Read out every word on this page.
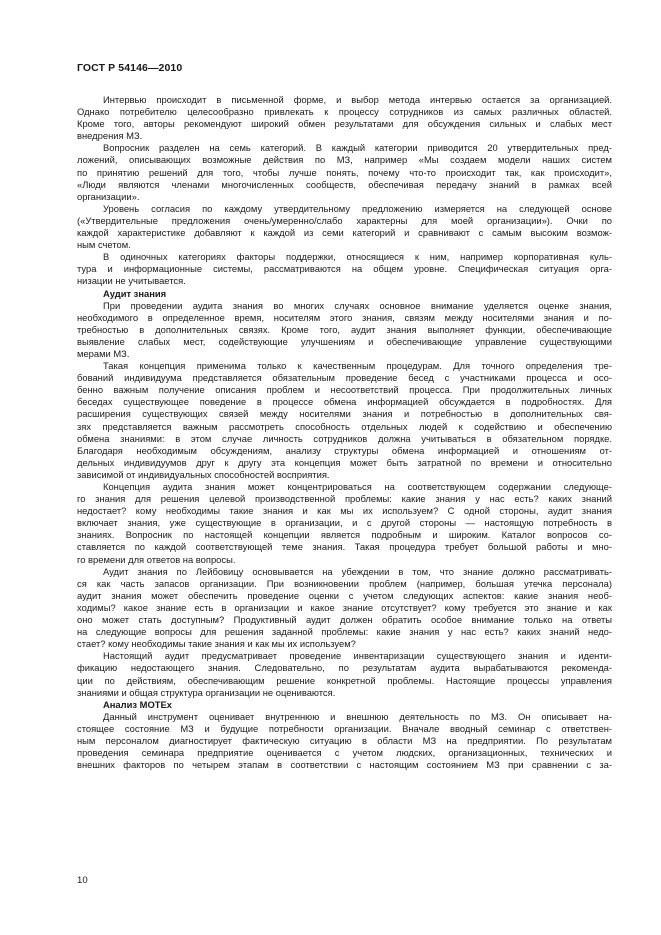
ГОСТ Р 54146—2010
Интервью происходит в письменной форме, и выбор метода интервью остается за организацией.
Однако потребителю целесообразно привлекать к процессу сотрудников из самых различных областей.
Кроме того, авторы рекомендуют широкий обмен результатами для обсуждения сильных и слабых мест
внедрения МЗ.
Вопросник разделен на семь категорий. В каждый категории приводится 20 утвердительных пред-
ложений, описывающих возможные действия по МЗ, например «Мы создаем модели наших систем
по принятию решений для того, чтобы лучше понять, почему что-то происходит так, как происходит»,
«Люди являются членами многочисленных сообществ, обеспечивая передачу знаний в рамках всей
организации».
Уровень согласия по каждому утвердительному предложению измеряется на следующей основе
(«Утвердительные предложения очень/умеренно/слабо характерны для моей организации»). Очки по
каждой характеристике добавляют к каждой из семи категорий и сравнивают с самым высоким возмож-
ным счетом.
В одиночных категориях факторы поддержки, относящиеся к ним, например корпоративная куль-
тура и информационные системы, рассматриваются на общем уровне. Специфическая ситуация орга-
низации не учитывается.
Аудит знания
При проведении аудита знания во многих случаях основное внимание уделяется оценке знания,
необходимого в определенное время, носителям этого знания, связям между носителями знания и по-
требностью в дополнительных связях. Кроме того, аудит знания выполняет функции, обеспечивающие
выявление слабых мест, содействующие улучшениям и обеспечивающие управление существующими
мерами МЗ.
Такая концепция применима только к качественным процедурам. Для точного определения тре-
бований индивидуума представляется обязательным проведение бесед с участниками процесса и осо-
бенно важным получение описания проблем и несоответствий процесса. При продолжительных личных
беседах существующее поведение в процессе обмена информацией обсуждается в подробностях. Для
расширения существующих связей между носителями знания и потребностью в дополнительных свя-
зях представляется важным рассмотреть способность отдельных людей к содействию и обеспечению
обмена знаниями: в этом случае личность сотрудников должна учитываться в обязательном порядке.
Благодаря необходимым обсуждениям, анализу структуры обмена информацией и отношениям от-
дельных индивидуумов друг к другу эта концепция может быть затратной по времени и относительно
зависимой от индивидуальных способностей восприятия.
Концепция аудита знания может концентрироваться на соответствующем содержании следующе-
го знания для решения целевой производственной проблемы: какие знания у нас есть? каких знаний
недостает? кому необходимы такие знания и как мы их используем? С одной стороны, аудит знания
включает знания, уже существующие в организации, и с другой стороны — настоящую потребность в
знаниях. Вопросник по настоящей концепции является подробным и широким. Каталог вопросов со-
ставляется по каждой соответствующей теме знания. Такая процедура требует большой работы и мно-
го времени для ответов на вопросы.
Аудит знания по Лейбовицу основывается на убеждении в том, что знание должно рассматривать-
ся как часть запасов организации. При возникновении проблем (например, большая утечка персонала)
аудит знания может обеспечить проведение оценки с учетом следующих аспектов: какие знания необ-
ходимы? какое знание есть в организации и какое знание отсутствует? кому требуется это знание и как
оно может стать доступным? Продуктивный аудит должен обратить особое внимание только на ответы
на следующие вопросы для решения заданной проблемы: какие знания у нас есть? каких знаний недо-
стает? кому необходимы такие знания и как мы их используем?
Настоящий аудит предусматривает проведение инвентаризации существующего знания и иденти-
фикацию недостающего знания. Следовательно, по результатам аудита вырабатываются рекоменда-
ции по действиям, обеспечивающим решение конкретной проблемы. Настоящие процессы управления
знаниями и общая структура организации не оцениваются.
Анализ MOTEx
Данный инструмент оценивает внутреннюю и внешнюю деятельность по МЗ. Он описывает на-
стоящее состояние МЗ и будущие потребности организации. Вначале вводный семинар с ответствен-
ным персоналом диагностирует фактическую ситуацию в области МЗ на предприятии. По результатам
проведения семинара предприятие оценивается с учетом людских, организационных, технических и
внешних факторов по четырем этапам в соответствии с настоящим состоянием МЗ при сравнении с за-
10
